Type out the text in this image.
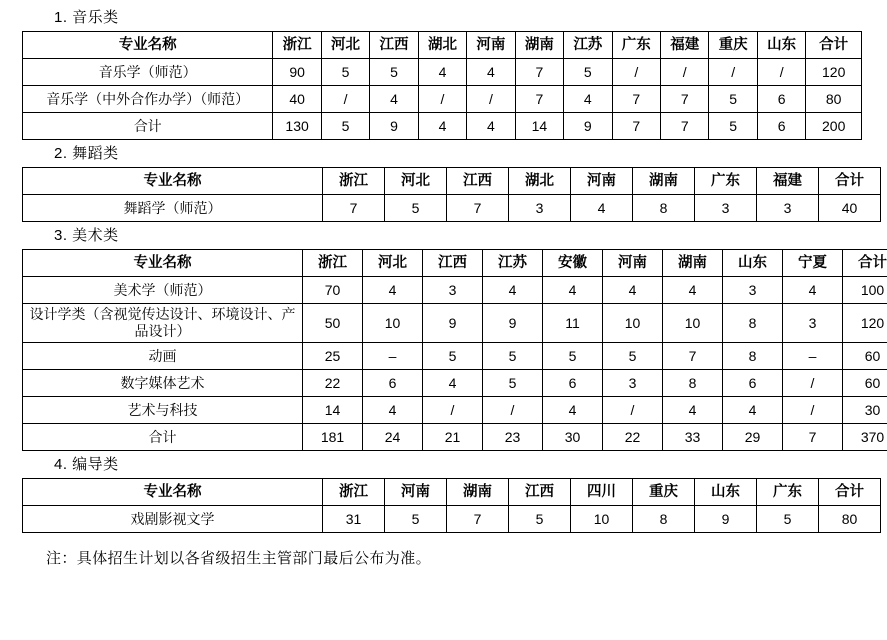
1. 音乐类
专业名称	浙江	河北	江西	湖北	河南	湖南	江苏	广东	福建	重庆	山东	合计
音乐学（师范）	90	5	5	4	4	7	5	/	/	/	/	120
音乐学（中外合作办学）（师范）	40	/	4	/	/	7	4	7	7	5	6	80
合计	130	5	9	4	4	14	9	7	7	5	6	200
2. 舞蹈类
专业名称	浙江	河北	江西	湖北	河南	湖南	广东	福建	合计
舞蹈学（师范）	7	5	7	3	4	8	3	3	40
3. 美术类
专业名称	浙江	河北	江西	江苏	安徽	河南	湖南	山东	宁夏	合计
美术学（师范）	70	4	3	4	4	4	4	3	4	100
设计学类（含视觉传达设计、环境设计、产品设计）	50	10	9	9	11	10	10	8	3	120
动画	25	–	5	5	5	5	7	8	–	60
数字媒体艺术	22	6	4	5	6	3	8	6	/	60
艺术与科技	14	4	/	/	4	/	4	4	/	30
合计	181	24	21	23	30	22	33	29	7	370
4. 编导类
专业名称	浙江	河南	湖南	江西	四川	重庆	山东	广东	合计
戏剧影视文学	31	5	7	5	10	8	9	5	80
注：具体招生计划以各省级招生主管部门最后公布为准。
